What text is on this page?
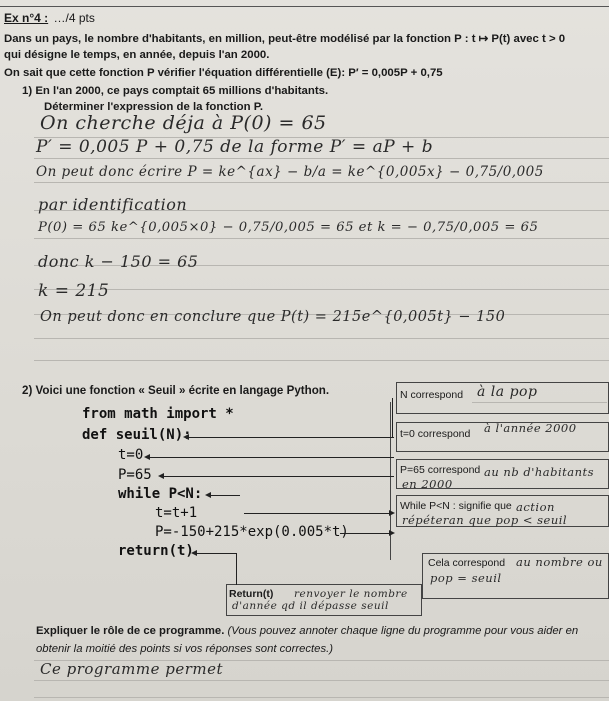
Ex n°4 : …/4 pts
Dans un pays, le nombre d'habitants, en million, peut-être modélisé par la fonction P : t ↦ P(t) avec t > 0
qui désigne le temps, en année, depuis l'an 2000.
On sait que cette fonction P vérifier l'équation différentielle (E): P′ = 0,005P + 0,75
1) En l'an 2000, ce pays comptait 65 millions d'habitants.
Déterminer l'expression de la fonction P.
On cherche déja à P(0) = 65
P′ = 0,005 P + 0,75 de la forme P′ = aP + b
On peut donc écrire P = ke^{ax} − b/a = ke^{0,005x} − 0,75/0,005
par identification
P(0) = 65 ke^{0,005×0} − 0,75/0,005 = 65 et k = − 0,75/0,005 = 65
donc k − 150 = 65
k = 215
On peut donc en conclure que P(t) = 215e^{0,005t} − 150
2) Voici une fonction « Seuil » écrite en langage Python.
from math import *
def seuil(N):
t=0
P=65
while P<N:
t=t+1
P=-150+215*exp(0.005*t)
return(t)
N correspond à la pop
t=0 correspond à l'année 2000
P=65 correspond au nb d'habitants en 2000
While P<N : signifie que action répéteran que pop < seuil
Cela correspond au nombre ou pop = seuil
Return(t)	renvoyer le nombre d'année qd il dépasse seuil
Expliquer le rôle de ce programme. (Vous pouvez annoter chaque ligne du programme pour vous aider en
obtenir la moitié des points si vos réponses sont correctes.)
Ce programme permet
